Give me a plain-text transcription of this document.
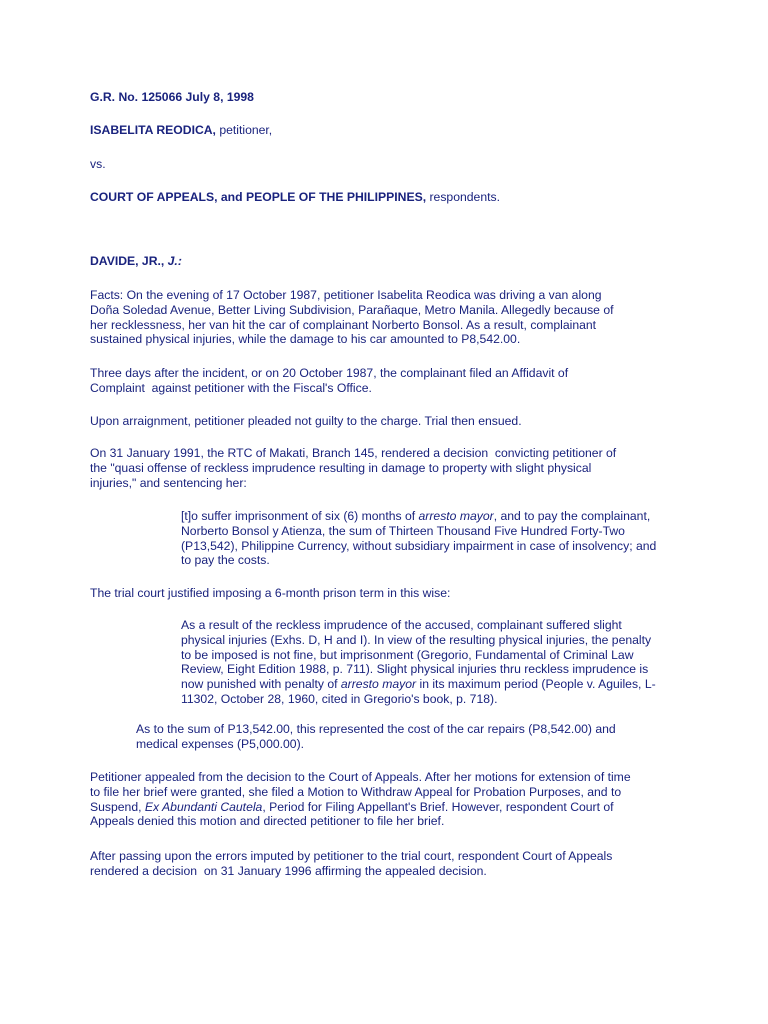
G.R. No. 125066 July 8, 1998

ISABELITA REODICA, petitioner,

vs.

COURT OF APPEALS, and PEOPLE OF THE PHILIPPINES, respondents.

DAVIDE, JR., J.:

Facts: On the evening of 17 October 1987, petitioner Isabelita Reodica was driving a van along
Doña Soledad Avenue, Better Living Subdivision, Parañaque, Metro Manila. Allegedly because of
her recklessness, her van hit the car of complainant Norberto Bonsol. As a result, complainant
sustained physical injuries, while the damage to his car amounted to P8,542.00.
Three days after the incident, or on 20 October 1987, the complainant filed an Affidavit of
Complaint  against petitioner with the Fiscal's Office.
Upon arraignment, petitioner pleaded not guilty to the charge. Trial then ensued.
On 31 January 1991, the RTC of Makati, Branch 145, rendered a decision  convicting petitioner of
the "quasi offense of reckless imprudence resulting in damage to property with slight physical
injuries," and sentencing her:
[t]o suffer imprisonment of six (6) months of arresto mayor, and to pay the complainant,
Norberto Bonsol y Atienza, the sum of Thirteen Thousand Five Hundred Forty-Two
(P13,542), Philippine Currency, without subsidiary impairment in case of insolvency; and
to pay the costs.
The trial court justified imposing a 6-month prison term in this wise:
As a result of the reckless imprudence of the accused, complainant suffered slight
physical injuries (Exhs. D, H and I). In view of the resulting physical injuries, the penalty
to be imposed is not fine, but imprisonment (Gregorio, Fundamental of Criminal Law
Review, Eight Edition 1988, p. 711). Slight physical injuries thru reckless imprudence is
now punished with penalty of arresto mayor in its maximum period (People v. Aguiles, L-
11302, October 28, 1960, cited in Gregorio's book, p. 718).
As to the sum of P13,542.00, this represented the cost of the car repairs (P8,542.00) and
medical expenses (P5,000.00).
Petitioner appealed from the decision to the Court of Appeals. After her motions for extension of time
to file her brief were granted, she filed a Motion to Withdraw Appeal for Probation Purposes, and to
Suspend, Ex Abundanti Cautela, Period for Filing Appellant's Brief. However, respondent Court of
Appeals denied this motion and directed petitioner to file her brief.
After passing upon the errors imputed by petitioner to the trial court, respondent Court of Appeals
rendered a decision  on 31 January 1996 affirming the appealed decision.
